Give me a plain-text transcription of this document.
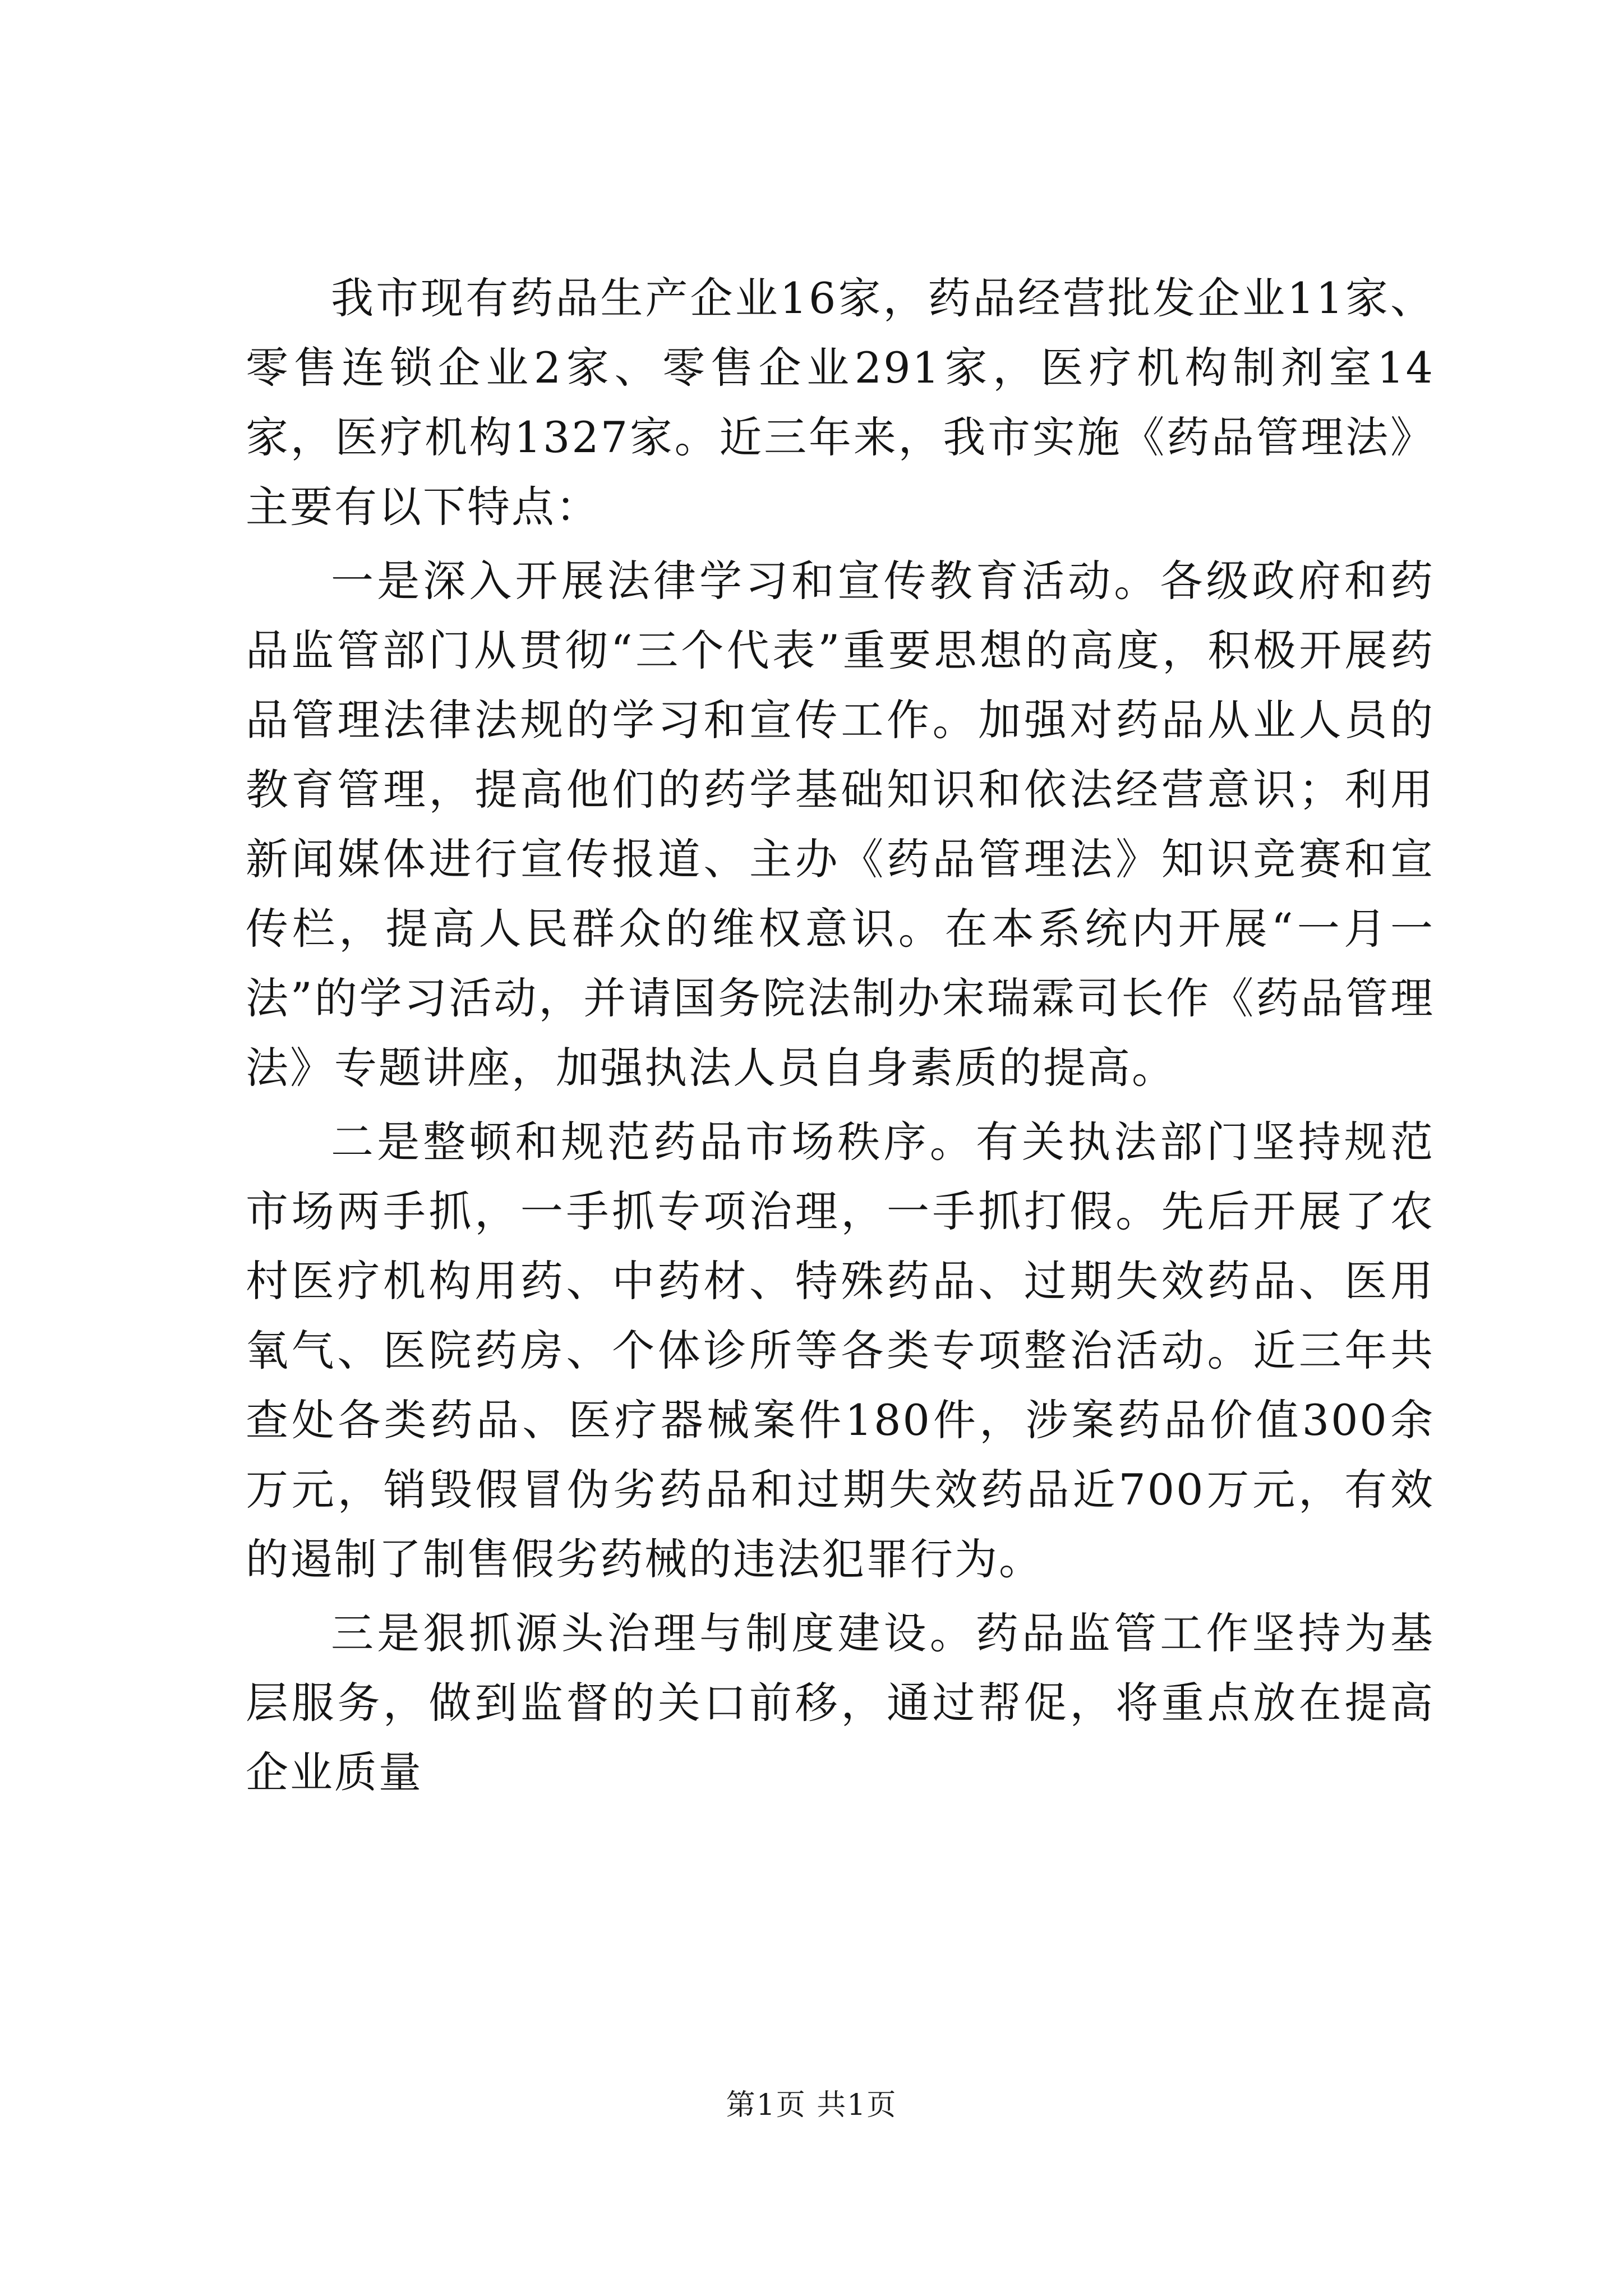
我市现有药品生产企业16家，药品经营批发企业11家、零售连锁企业2家、零售企业291家，医疗机构制剂室14家，医疗机构1327家。近三年来，我市实施《药品管理法》主要有以下特点：

一是深入开展法律学习和宣传教育活动。各级政府和药品监管部门从贯彻“三个代表”重要思想的高度，积极开展药品管理法律法规的学习和宣传工作。加强对药品从业人员的教育管理，提高他们的药学基础知识和依法经营意识；利用新闻媒体进行宣传报道、主办《药品管理法》知识竞赛和宣传栏，提高人民群众的维权意识。在本系统内开展“一月一法”的学习活动，并请国务院法制办宋瑞霖司长作《药品管理法》专题讲座，加强执法人员自身素质的提高。

二是整顿和规范药品市场秩序。有关执法部门坚持规范市场两手抓，一手抓专项治理，一手抓打假。先后开展了农村医疗机构用药、中药材、特殊药品、过期失效药品、医用氧气、医院药房、个体诊所等各类专项整治活动。近三年共查处各类药品、医疗器械案件180件，涉案药品价值300余万元，销毁假冒伪劣药品和过期失效药品近700万元，有效的遏制了制售假劣药械的违法犯罪行为。

三是狠抓源头治理与制度建设。药品监管工作坚持为基层服务，做到监督的关口前移，通过帮促，将重点放在提高企业质量

第1页 共1页
